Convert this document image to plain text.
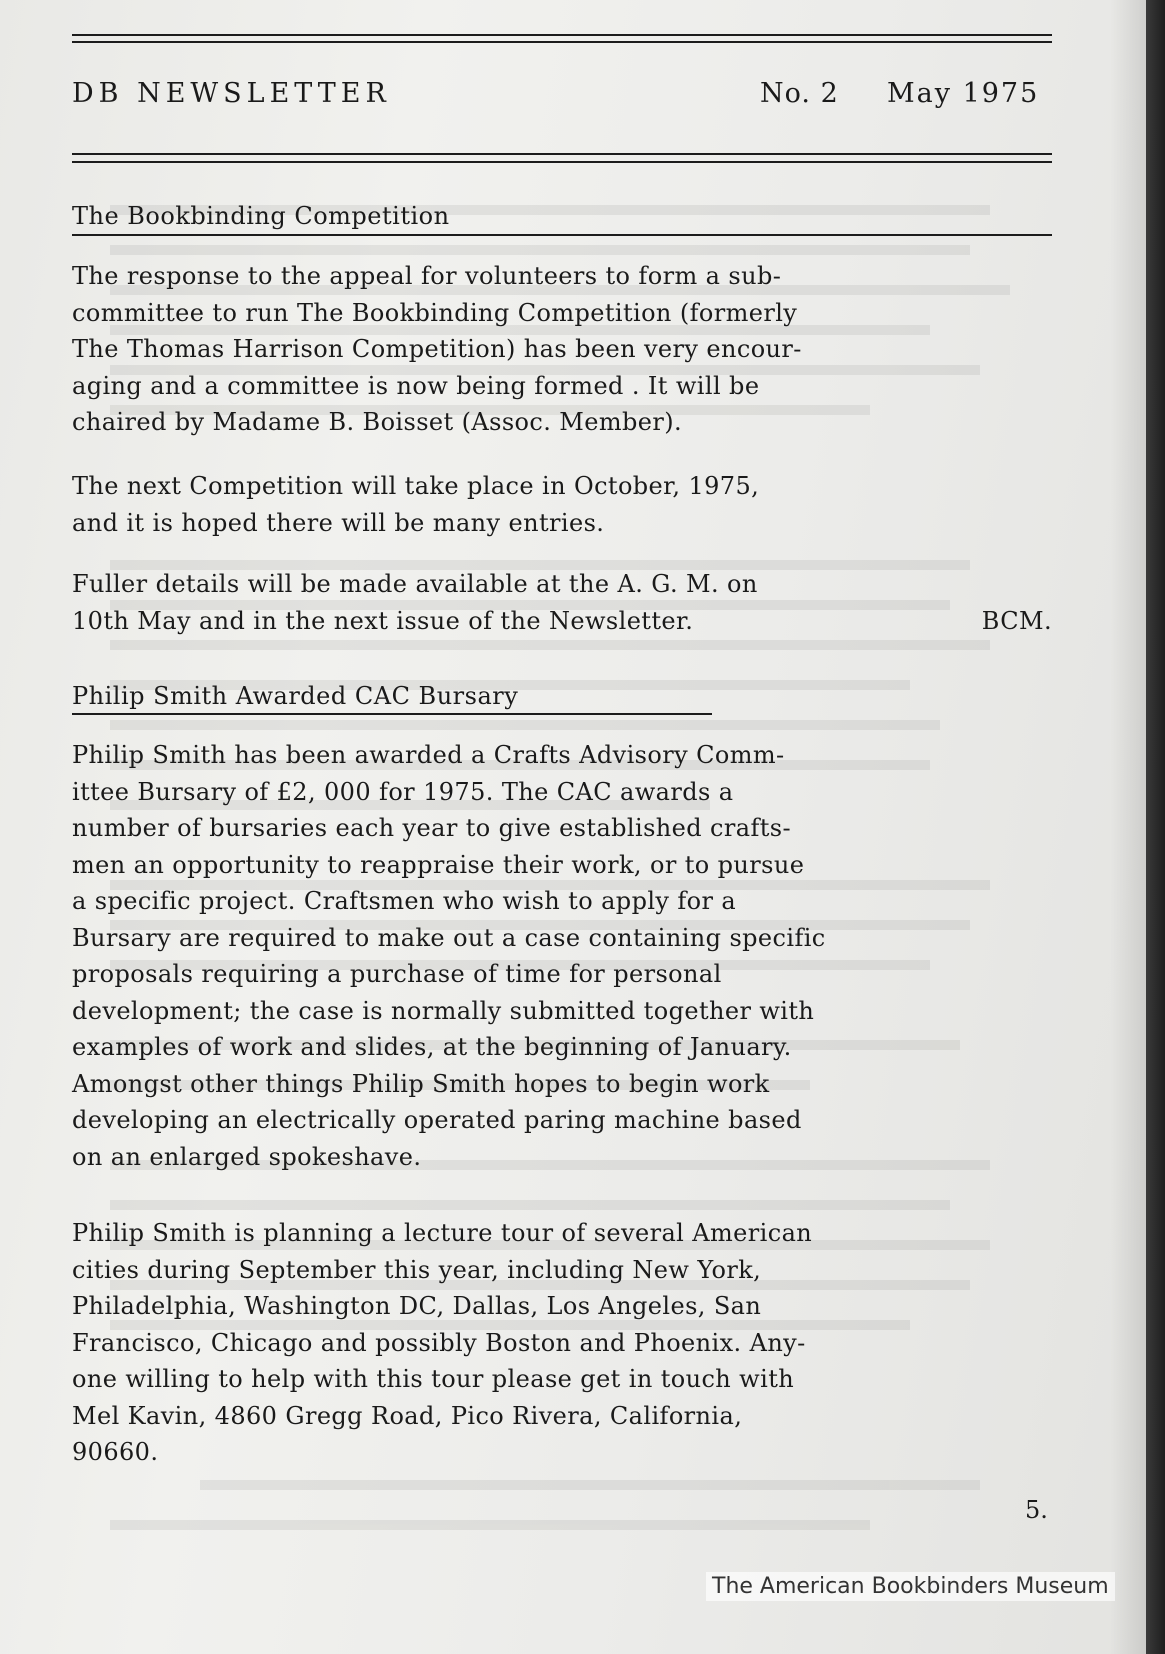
DB NEWSLETTER	No. 2 May 1975
The Bookbinding Competition
The response to the appeal for volunteers to form a sub-
committee to run The Bookbinding Competition (formerly
The Thomas Harrison Competition) has been very encour-
aging and a committee is now being formed . It will be
chaired by Madame B. Boisset (Assoc. Member).
The next Competition will take place in October, 1975,
and it is hoped there will be many entries.
Fuller details will be made available at the A. G. M. on
10th May and in the next issue of the Newsletter.	BCM.
Philip Smith Awarded CAC Bursary
Philip Smith has been awarded a Crafts Advisory Comm-
ittee Bursary of £2, 000 for 1975. The CAC awards a
number of bursaries each year to give established crafts-
men an opportunity to reappraise their work, or to pursue
a specific project. Craftsmen who wish to apply for a
Bursary are required to make out a case containing specific
proposals requiring a purchase of time for personal
development; the case is normally submitted together with
examples of work and slides, at the beginning of January.
Amongst other things Philip Smith hopes to begin work
developing an electrically operated paring machine based
on an enlarged spokeshave.
Philip Smith is planning a lecture tour of several American
cities during September this year, including New York,
Philadelphia, Washington DC, Dallas, Los Angeles, San
Francisco, Chicago and possibly Boston and Phoenix. Any-
one willing to help with this tour please get in touch with
Mel Kavin, 4860 Gregg Road, Pico Rivera, California,
90660.
5.
The American Bookbinders Museum
